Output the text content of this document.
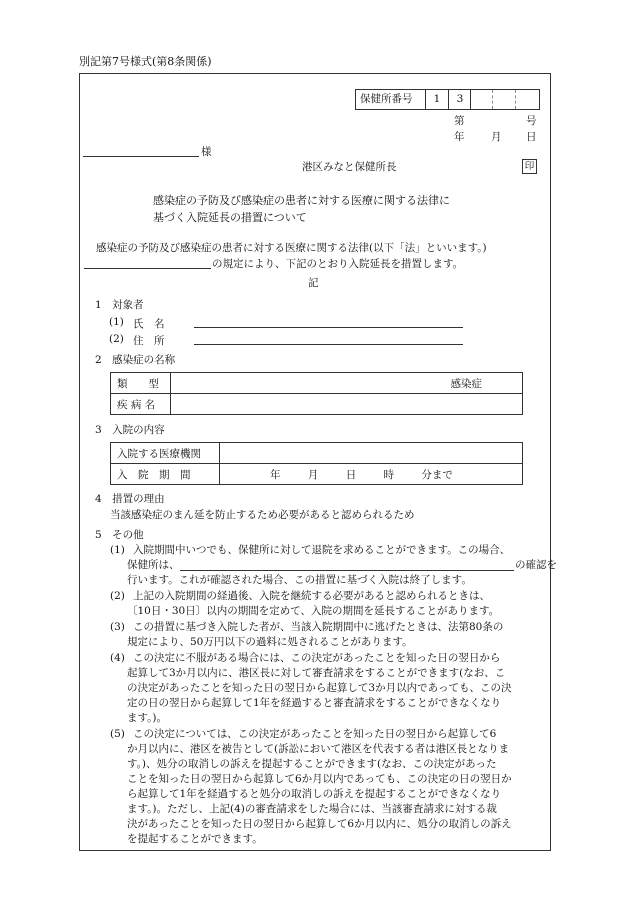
別記第7号様式(第8条関係)
保健所番号	1	3
第	号
年	月 日
様
港区みなと保健所長	印
感染症の予防及び感染症の患者に対する医療に関する法律に
基づく入院延長の措置について
感染症の予防及び感染症の患者に対する医療に関する法律(以下「法」といいます。)
の規定により、下記のとおり入院延長を措置します。
記
1　対象者
(1) 氏　名
(2) 住　所
2　感染症の名称
類　　型	感染症
疾 病 名	
3　入院の内容
入院する医療機関	
入　院　期　間	年 月 日 時 分まで
4　措置の理由
当該感染症のまん延を防止するため必要があると認められるため
5　その他
(1) 入院期間中いつでも、保健所に対して退院を求めることができます。この場合、
保健所は、	の確認を
行います。これが確認された場合、この措置に基づく入院は終了します。
(2) 上記の入院期間の経過後、入院を継続する必要があると認められるときは、
〔10日・30日〕以内の期間を定めて、入院の期間を延長することがあります。
(3) この措置に基づき入院した者が、当該入院期間中に逃げたときは、法第80条の
規定により、50万円以下の過料に処されることがあります。
(4) この決定に不服がある場合には、この決定があったことを知った日の翌日から
起算して3か月以内に、港区長に対して審査請求をすることができます(なお、こ
の決定があったことを知った日の翌日から起算して3か月以内であっても、この決
定の日の翌日から起算して1年を経過すると審査請求をすることができなくなり
ます。)。
(5) この決定については、この決定があったことを知った日の翌日から起算して6
か月以内に、港区を被告として(訴訟において港区を代表する者は港区長となりま
す。)、処分の取消しの訴えを提起することができます(なお、この決定があった
ことを知った日の翌日から起算して6か月以内であっても、この決定の日の翌日か
ら起算して1年を経過すると処分の取消しの訴えを提起することができなくなり
ます。)。ただし、上記(4)の審査請求をした場合には、当該審査請求に対する裁
決があったことを知った日の翌日から起算して6か月以内に、処分の取消しの訴え
を提起することができます。
